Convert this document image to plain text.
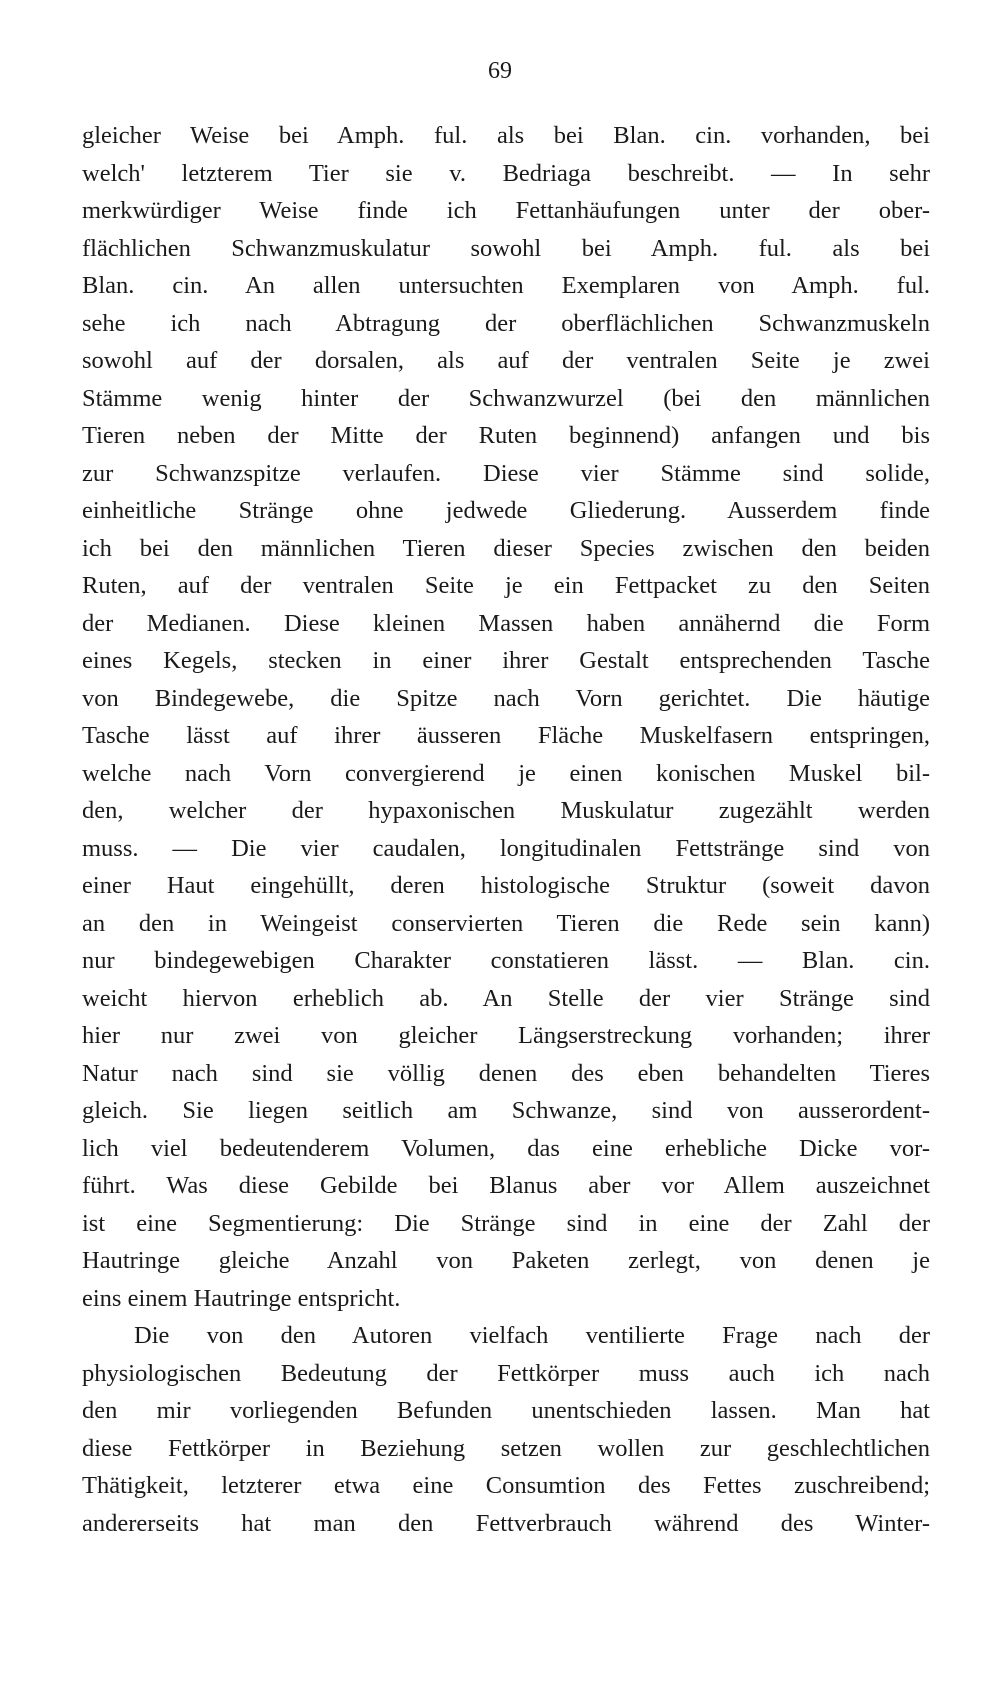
69
gleicher Weise bei Amph. ful. als bei Blan. cin. vorhanden, bei
welch' letzterem Tier sie v. Bedriaga beschreibt. — In sehr
merkwürdiger Weise finde ich Fettanhäufungen unter der ober-
flächlichen Schwanzmuskulatur sowohl bei Amph. ful. als bei
Blan. cin. An allen untersuchten Exemplaren von Amph. ful.
sehe ich nach Abtragung der oberflächlichen Schwanzmuskeln
sowohl auf der dorsalen, als auf der ventralen Seite je zwei
Stämme wenig hinter der Schwanzwurzel (bei den männlichen
Tieren neben der Mitte der Ruten beginnend) anfangen und bis
zur Schwanzspitze verlaufen. Diese vier Stämme sind solide,
einheitliche Stränge ohne jedwede Gliederung. Ausserdem finde
ich bei den männlichen Tieren dieser Species zwischen den beiden
Ruten, auf der ventralen Seite je ein Fettpacket zu den Seiten
der Medianen. Diese kleinen Massen haben annähernd die Form
eines Kegels, stecken in einer ihrer Gestalt entsprechenden Tasche
von Bindegewebe, die Spitze nach Vorn gerichtet. Die häutige
Tasche lässt auf ihrer äusseren Fläche Muskelfasern entspringen,
welche nach Vorn convergierend je einen konischen Muskel bil-
den, welcher der hypaxonischen Muskulatur zugezählt werden
muss. — Die vier caudalen, longitudinalen Fettstränge sind von
einer Haut eingehüllt, deren histologische Struktur (soweit davon
an den in Weingeist conservierten Tieren die Rede sein kann)
nur bindegewebigen Charakter constatieren lässt. — Blan. cin.
weicht hiervon erheblich ab. An Stelle der vier Stränge sind
hier nur zwei von gleicher Längserstreckung vorhanden; ihrer
Natur nach sind sie völlig denen des eben behandelten Tieres
gleich. Sie liegen seitlich am Schwanze, sind von ausserordent-
lich viel bedeutenderem Volumen, das eine erhebliche Dicke vor-
führt. Was diese Gebilde bei Blanus aber vor Allem auszeichnet
ist eine Segmentierung: Die Stränge sind in eine der Zahl der
Hautringe gleiche Anzahl von Paketen zerlegt, von denen je
eins einem Hautringe entspricht.
Die von den Autoren vielfach ventilierte Frage nach der
physiologischen Bedeutung der Fettkörper muss auch ich nach
den mir vorliegenden Befunden unentschieden lassen. Man hat
diese Fettkörper in Beziehung setzen wollen zur geschlechtlichen
Thätigkeit, letzterer etwa eine Consumtion des Fettes zuschreibend;
andererseits hat man den Fettverbrauch während des Winter-
